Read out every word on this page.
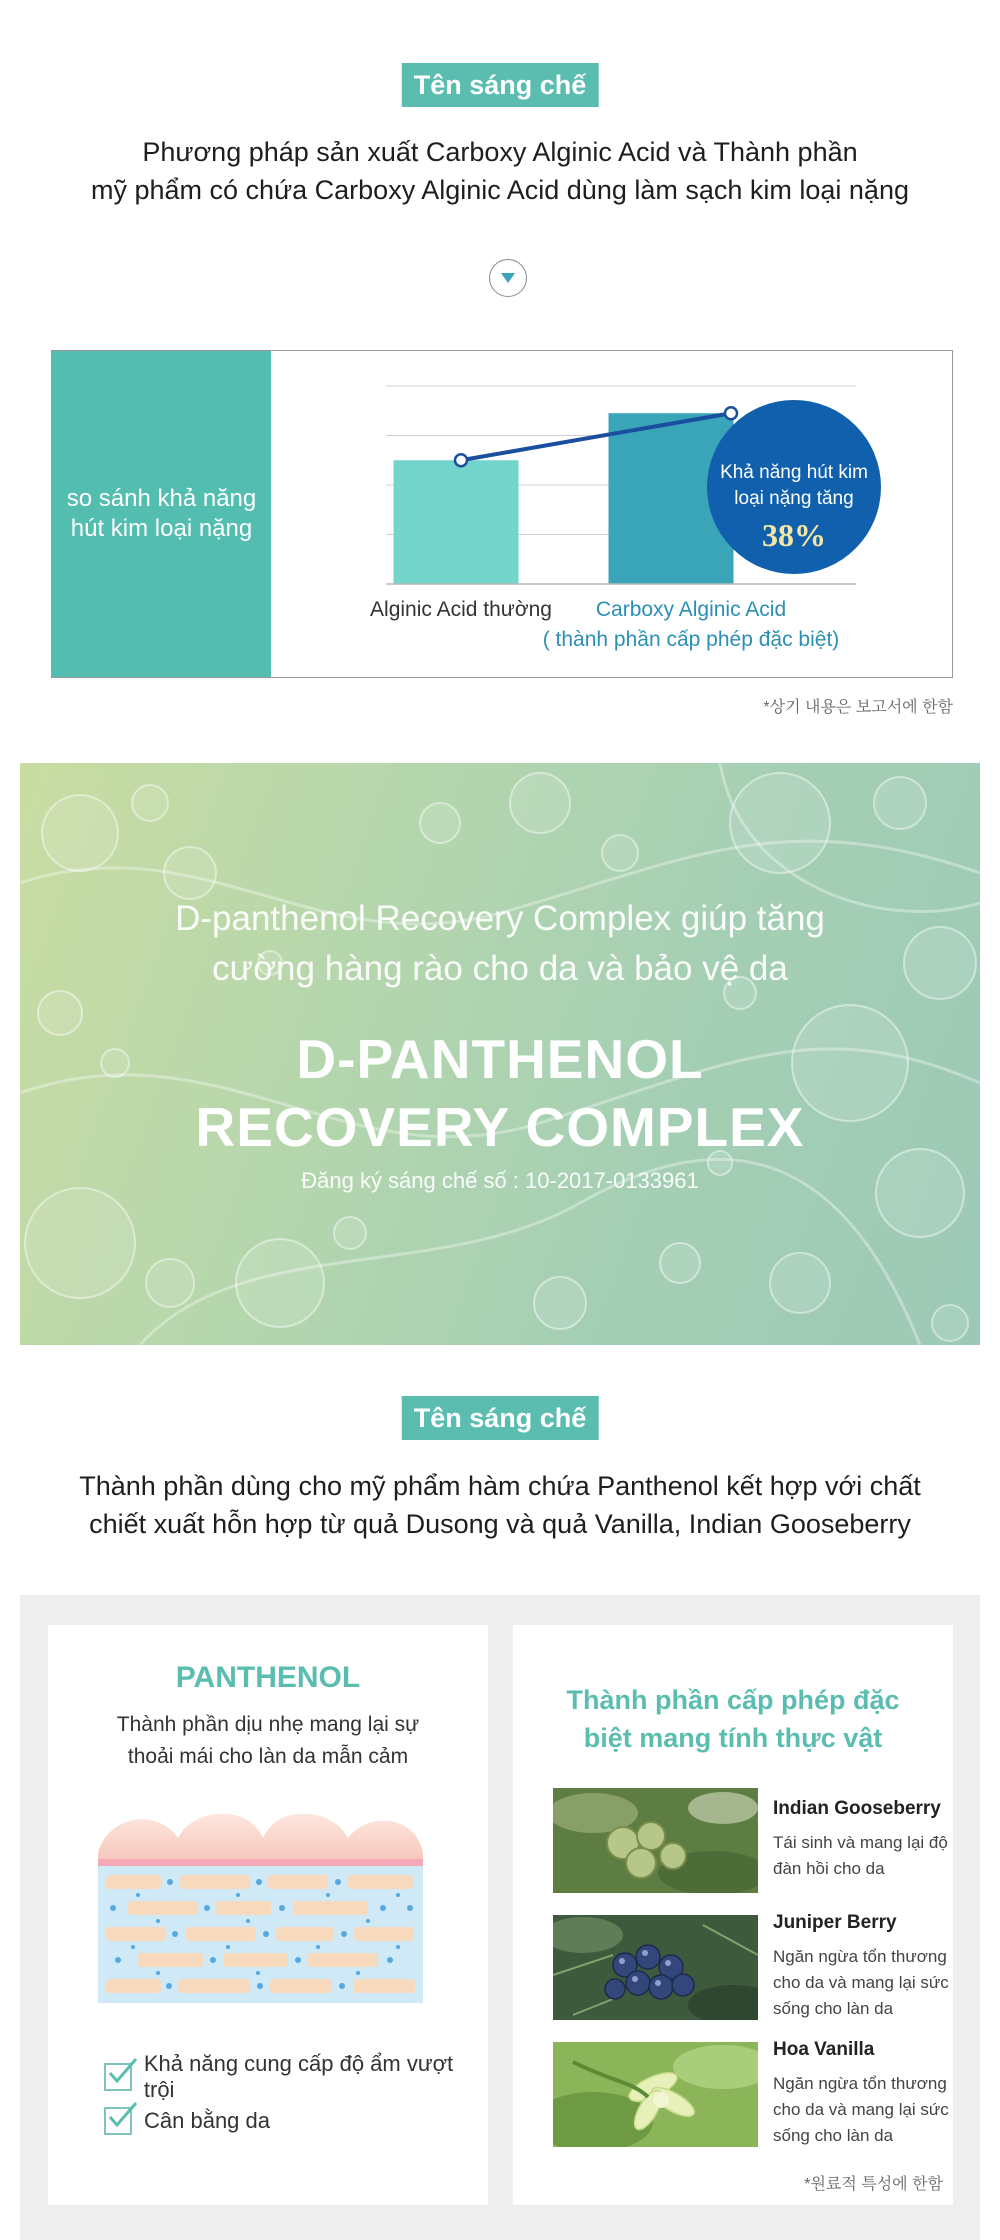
Tên sáng chế
Phương pháp sản xuất Carboxy Alginic Acid và Thành phần
mỹ phẩm có chứa Carboxy Alginic Acid dùng làm sạch kim loại nặng
so sánh khả năng
hút kim loại nặng
Alginic Acid thường Carboxy Alginic Acid
( thành phần cấp phép đặc biệt)
Khả năng hút kim
loại nặng tăng
38%
*상기 내용은 보고서에 한함
D-panthenol Recovery Complex giúp tăng
cường hàng rào cho da và bảo vệ da
D-PANTHENOL
RECOVERY COMPLEX
Đăng ký sáng chế số : 10-2017-0133961
Tên sáng chế
Thành phần dùng cho mỹ phẩm hàm chứa Panthenol kết hợp với chất
chiết xuất hỗn hợp từ quả Dusong và quả Vanilla, Indian Gooseberry
PANTHENOL
Thành phần dịu nhẹ mang lại sự
thoải mái cho làn da mẫn cảm
Khả năng cung cấp độ ẩm vượt trội
Cân bằng da
Thành phần cấp phép đặc
biệt mang tính thực vật
Indian Gooseberry
Tái sinh và mang lại độ
đàn hồi cho da
Juniper Berry
Ngăn ngừa tổn thương
cho da và mang lại sức
sống cho làn da
Hoa Vanilla
Ngăn ngừa tổn thương
cho da và mang lại sức
sống cho làn da
*원료적 특성에 한함
